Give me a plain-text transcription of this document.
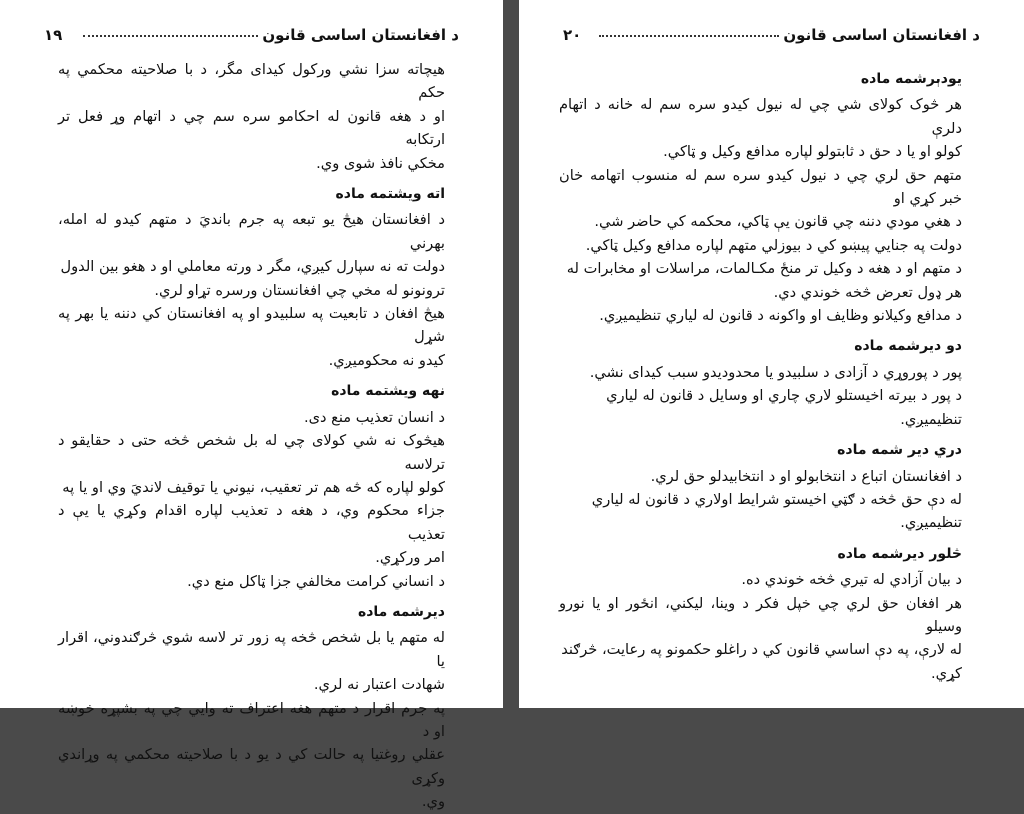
د افغانستان اساسی قانون
١٩

هيچاته سزا نشي ورکول کيداى مگر، د با صلاحيته محکمي په حکم
او د هغه قانون له احکامو سره سم چي د اتهام وړ فعل تر ارتکابه
مخکي نافذ شوى وي.

اته ويشتمه ماده

د افغانستان هيڅ يو تبعه په جرم بانديَ د متهم کيدو له امله، بهرني
دولت ته نه سپارل کيږي، مگر د ورته معاملي او د هغو بين الدول
ترونونو له مخي چي افغانستان ورسره تړاو لري.

هيڅ افغان د تابعيت په سلبيدو او په افغانستان کي دننه يا بهر په شړل
کيدو نه محکوميږي.

نهه ويشتمه ماده

د انسان تعذيب منع دى.

هيڅوک نه شي کولاى چي له بل شخص څخه حتى د حقايقو د ترلاسه
کولو لپاره که څه هم تر تعقيب، نيوني يا توقيف لانديَ وي او يا په
جزاء محکوم وي، د هغه د تعذيب لپاره اقدام وکړي يا يې د تعذيب
امر ورکړي.

د انساني کرامت مخالفي جزا ټاکل منع دي.

ديرشمه ماده

له متهم يا بل شخص څخه په زور تر لاسه شوي څرګندوني، اقرار يا
شهادت اعتبار نه لري.

په جرم اقرار د متهم هغه اعتراف ته وايي چي په بشپړه خوښه او د
عقلي روغتيا په حالت کي د يو د با صلاحيته محکمي په وړاندي وکړى
وي.

د افغانستان اساسی قانون
٢٠
يودېرشمه ماده

هر څوک کولاى شي چي له نيول کيدو سره سم له خانه د اتهام دلرې
کولو او يا د حق د ثابتولو لپاره مدافع وکيل و ټاکي.

متهم حق لري چي د نيول کيدو سره سم له منسوب اتهامه خان خبر کړي او
د هغي مودي دننه چي قانون يې ټاکي، محکمه کي حاضر شي.

دولت په جنايي پيښو کي د بيوزلي متهم لپاره مدافع وکيل ټاکي.

د متهم او د هغه د وکيل تر منځ مکـالمات، مراسلات او مخابرات له
هر ډول تعرض څخه خوندي دي.

د مدافع وکيلانو وظايف او واکونه د قانون له لياري تنظيميږي.

دو ديرشمه ماده

پور د پوروړي د آزادى د سلبيدو يا محدوديدو سبب کيداى نشي.

د پور د بيرته اخيستلو لاري چاري او وسايل د قانون له لياري
تنظيميږي.

دري دير شمه ماده

د افغانستان اتباع د انتخابولو او د انتخابيدلو حق لري.

له دې حق څخه د ګټي اخيستو شرايط اولاري د قانون له لياري
تنظيميږي.

څلور ديرشمه ماده

د بيان آزادي له تيري څخه خوندي ده.

هر افغان حق لري چي خپل فکر د وينا، ليکني، انځور او يا نورو وسيلو
له لارې، په دې اساسي قانون کي د راغلو حکمونو په رعايت، څرګند
کړي.
